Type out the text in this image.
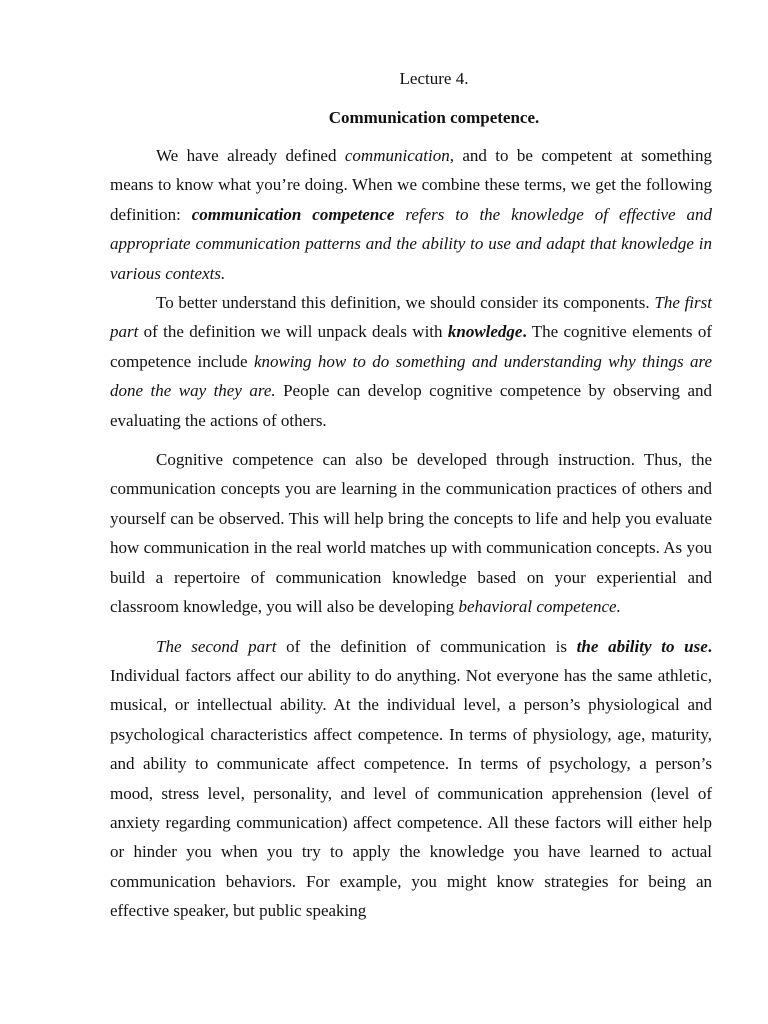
Lecture 4.

Communication competence.

We have already defined communication, and to be competent at something means to know what you’re doing. When we combine these terms, we get the following definition: communication competence refers to the knowledge of effective and appropriate communication patterns and the ability to use and adapt that knowledge in various contexts.

To better understand this definition, we should consider its components. The first part of the definition we will unpack deals with knowledge. The cognitive elements of competence include knowing how to do something and understanding why things are done the way they are. People can develop cognitive competence by observing and evaluating the actions of others.

Cognitive competence can also be developed through instruction. Thus, the communication concepts you are learning in the communication practices of others and yourself can be observed. This will help bring the concepts to life and help you evaluate how communication in the real world matches up with communication concepts. As you build a repertoire of communication knowledge based on your experiential and classroom knowledge, you will also be developing behavioral competence.

The second part of the definition of communication is the ability to use. Individual factors affect our ability to do anything. Not everyone has the same athletic, musical, or intellectual ability. At the individual level, a person’s physiological and psychological characteristics affect competence. In terms of physiology, age, maturity, and ability to communicate affect competence. In terms of psychology, a person’s mood, stress level, personality, and level of communication apprehension (level of anxiety regarding communication) affect competence. All these factors will either help or hinder you when you try to apply the knowledge you have learned to actual communication behaviors. For example, you might know strategies for being an effective speaker, but public speaking
